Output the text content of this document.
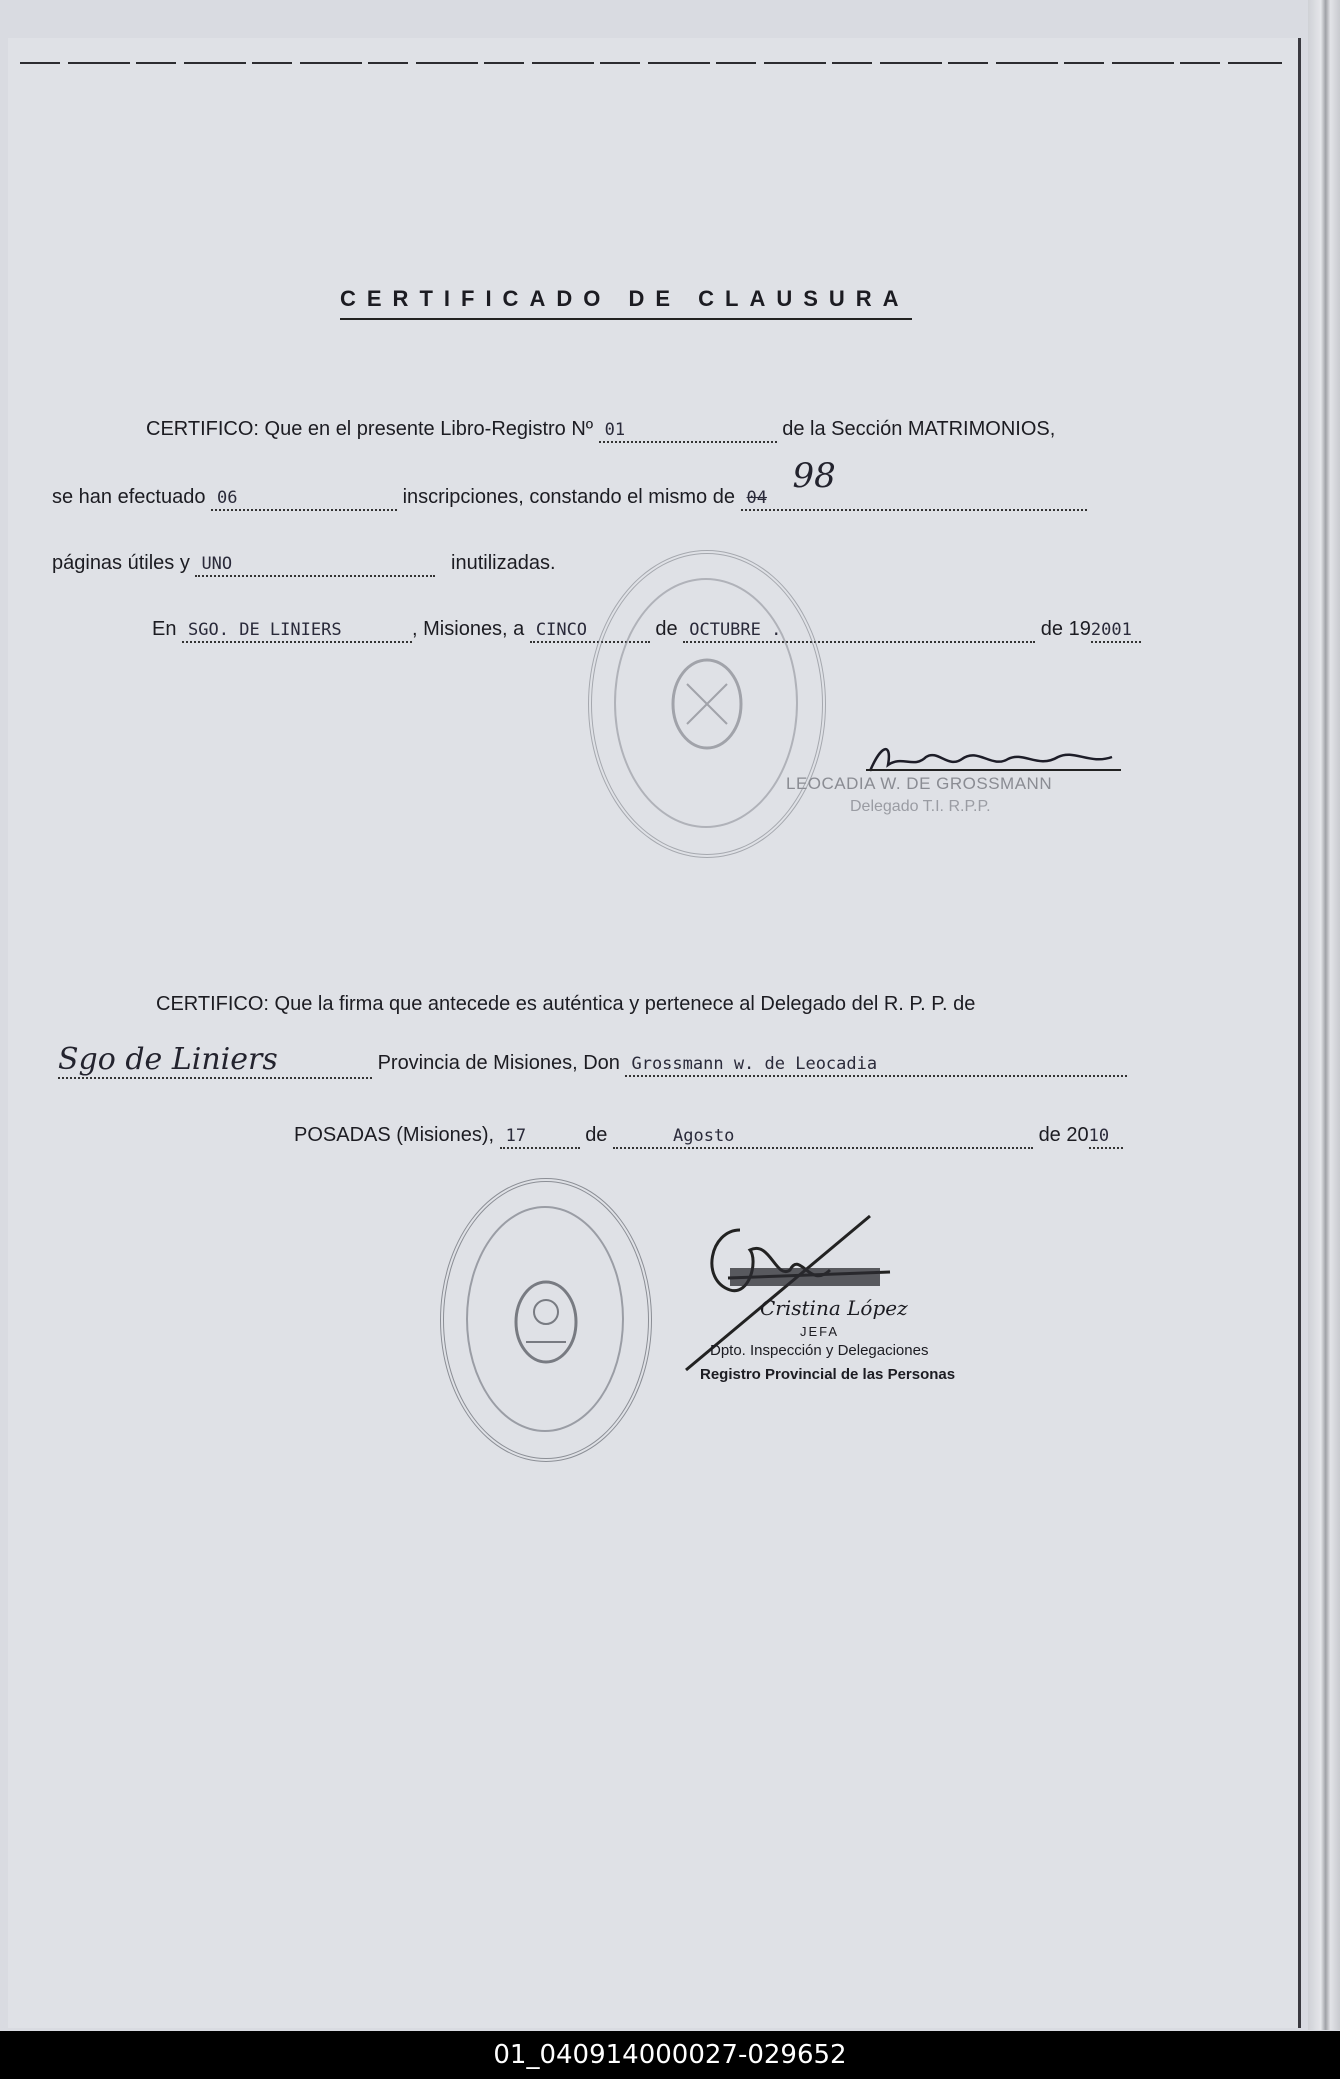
CERTIFICADO DE CLAUSURA
CERTIFICO: Que en el presente Libro-Registro Nº 01	de la Sección MATRIMONIOS,
se han efectuado 06	inscripciones, constando el mismo de 04
98
páginas útiles y UNO	inutilizadas.
En SGO. DE LINIERS	, Misiones, a CINCO	de OCTUBRE .	de 192001
LEOCADIA W. DE GROSSMANN
Delegado T.I. R.P.P.
CERTIFICO: Que la firma que antecede es auténtica y pertenece al Delegado del R. P. P. de
Sgo de Liniers	Provincia de Misiones, Don Grossmann w. de Leocadia
POSADAS (Misiones), 17	de	Agosto	de 2010
Cristina López
JEFA
Dpto. Inspección y Delegaciones
Registro Provincial de las Personas
01_040914000027-029652
